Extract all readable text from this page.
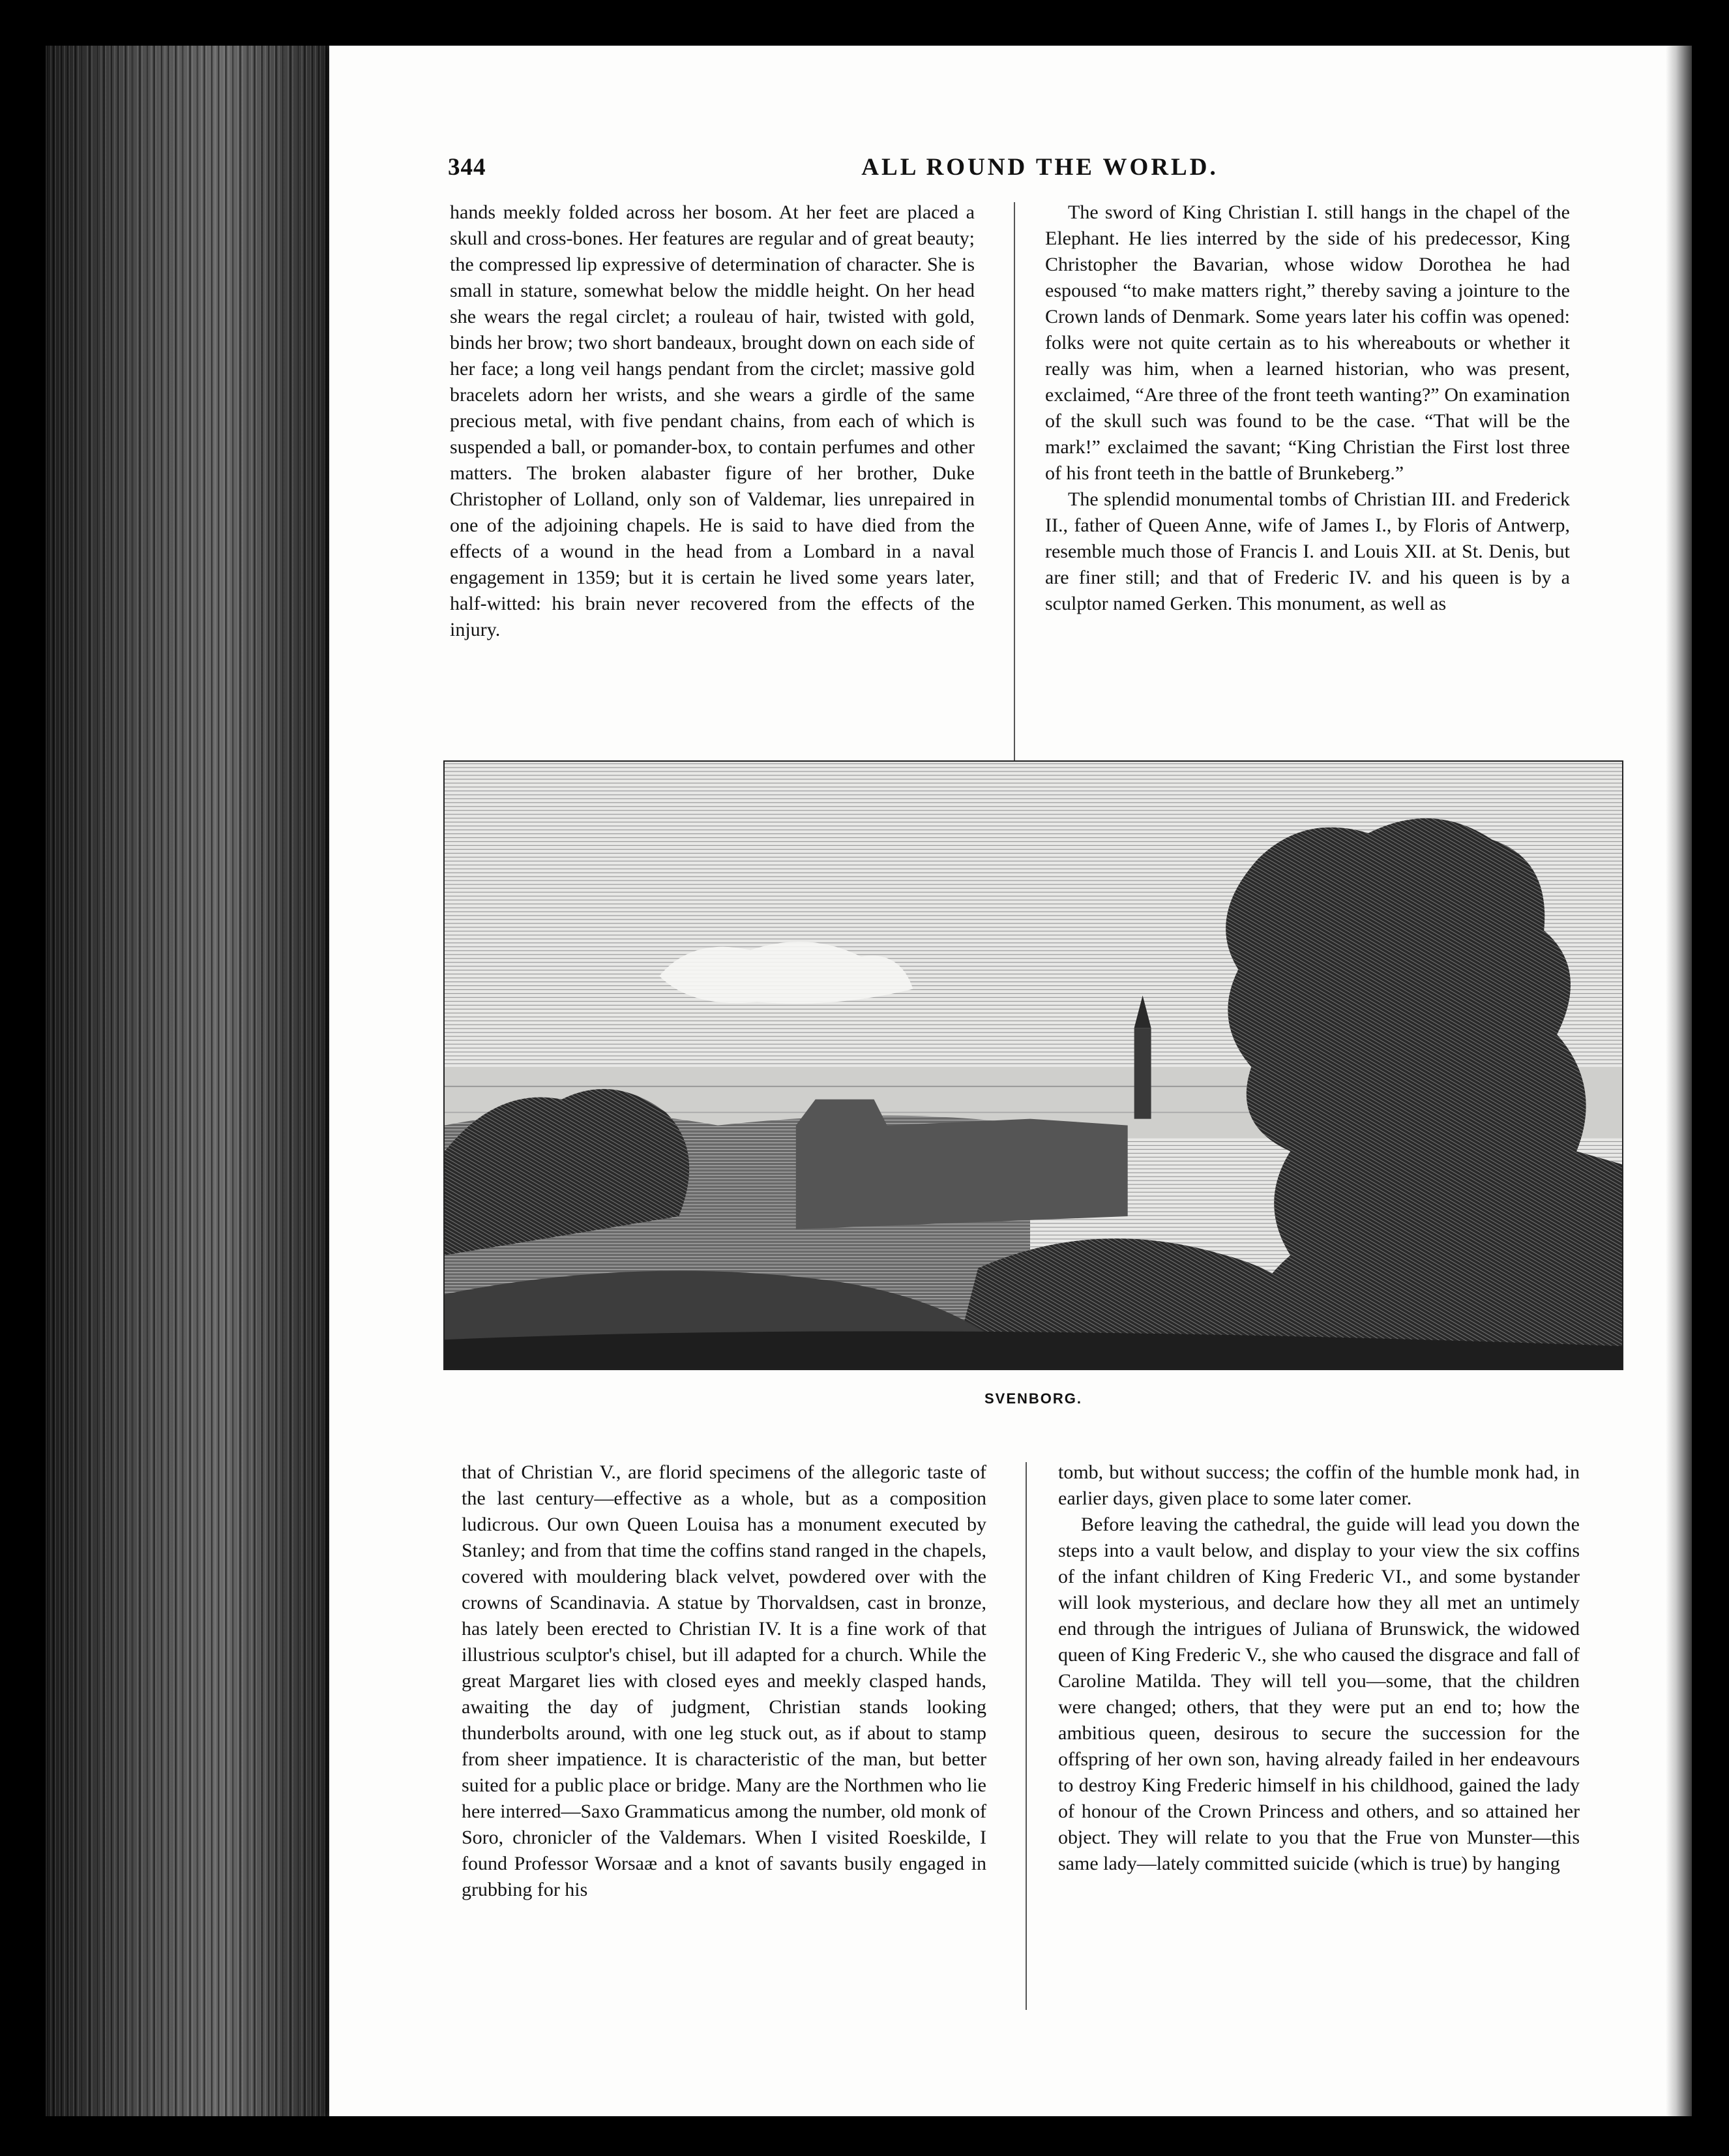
344	ALL ROUND THE WORLD.

hands meekly folded across her bosom. At her feet are placed a skull and cross-bones. Her features are regular and of great beauty; the compressed lip expressive of determination of character. She is small in stature, somewhat below the middle height. On her head she wears the regal circlet; a rouleau of hair, twisted with gold, binds her brow; two short bandeaux, brought down on each side of her face; a long veil hangs pendant from the circlet; massive gold bracelets adorn her wrists, and she wears a girdle of the same precious metal, with five pendant chains, from each of which is suspended a ball, or pomander-box, to contain perfumes and other matters. The broken alabaster figure of her brother, Duke Christopher of Lolland, only son of Valdemar, lies unrepaired in one of the adjoining chapels. He is said to have died from the effects of a wound in the head from a Lombard in a naval engagement in 1359; but it is certain he lived some years later, half-witted: his brain never recovered from the effects of the injury.

The sword of King Christian I. still hangs in the chapel of the Elephant. He lies interred by the side of his predecessor, King Christopher the Bavarian, whose widow Dorothea he had espoused “to make matters right,” thereby saving a jointure to the Crown lands of Denmark. Some years later his coffin was opened: folks were not quite certain as to his whereabouts or whether it really was him, when a learned historian, who was present, exclaimed, “Are three of the front teeth wanting?” On examination of the skull such was found to be the case. “That will be the mark!” exclaimed the savant; “King Christian the First lost three of his front teeth in the battle of Brunkeberg.”

The splendid monumental tombs of Christian III. and Frederick II., father of Queen Anne, wife of James I., by Floris of Antwerp, resemble much those of Francis I. and Louis XII. at St. Denis, but are finer still; and that of Frederic IV. and his queen is by a sculptor named Gerken. This monument, as well as

SVENBORG.

that of Christian V., are florid specimens of the allegoric taste of the last century—effective as a whole, but as a composition ludicrous. Our own Queen Louisa has a monument executed by Stanley; and from that time the coffins stand ranged in the chapels, covered with mouldering black velvet, powdered over with the crowns of Scandinavia. A statue by Thorvaldsen, cast in bronze, has lately been erected to Christian IV. It is a fine work of that illustrious sculptor's chisel, but ill adapted for a church. While the great Margaret lies with closed eyes and meekly clasped hands, awaiting the day of judgment, Christian stands looking thunderbolts around, with one leg stuck out, as if about to stamp from sheer impatience. It is characteristic of the man, but better suited for a public place or bridge. Many are the Northmen who lie here interred—Saxo Grammaticus among the number, old monk of Soro, chronicler of the Valdemars. When I visited Roeskilde, I found Professor Worsaæ and a knot of savants busily engaged in grubbing for his

tomb, but without success; the coffin of the humble monk had, in earlier days, given place to some later comer.

Before leaving the cathedral, the guide will lead you down the steps into a vault below, and display to your view the six coffins of the infant children of King Frederic VI., and some bystander will look mysterious, and declare how they all met an untimely end through the intrigues of Juliana of Brunswick, the widowed queen of King Frederic V., she who caused the disgrace and fall of Caroline Matilda. They will tell you—some, that the children were changed; others, that they were put an end to; how the ambitious queen, desirous to secure the succession for the offspring of her own son, having already failed in her endeavours to destroy King Frederic himself in his childhood, gained the lady of honour of the Crown Princess and others, and so attained her object. They will relate to you that the Frue von Munster—this same lady—lately committed suicide (which is true) by hanging
